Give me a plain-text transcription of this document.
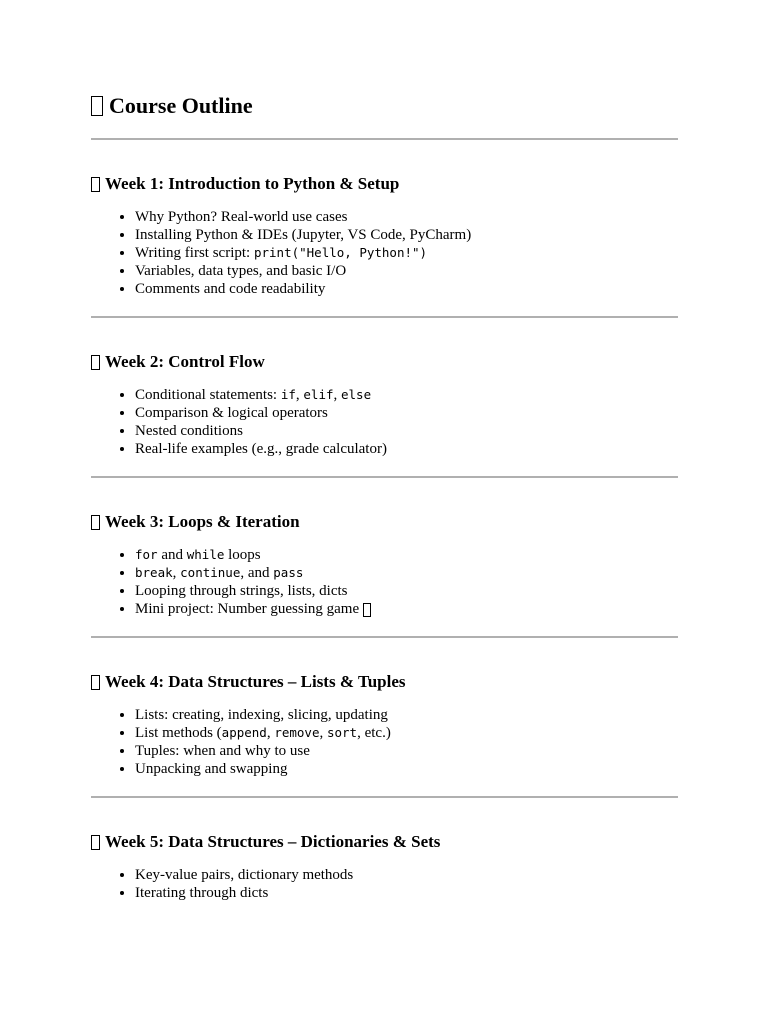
Course Outline
Week 1: Introduction to Python & Setup
• Why Python? Real-world use cases
• Installing Python & IDEs (Jupyter, VS Code, PyCharm)
• Writing first script: print("Hello, Python!")
• Variables, data types, and basic I/O
• Comments and code readability
Week 2: Control Flow
• Conditional statements: if, elif, else
• Comparison & logical operators
• Nested conditions
• Real-life examples (e.g., grade calculator)
Week 3: Loops & Iteration
• for and while loops
• break, continue, and pass
• Looping through strings, lists, dicts
• Mini project: Number guessing game
Week 4: Data Structures – Lists & Tuples
• Lists: creating, indexing, slicing, updating
• List methods (append, remove, sort, etc.)
• Tuples: when and why to use
• Unpacking and swapping
Week 5: Data Structures – Dictionaries & Sets
• Key-value pairs, dictionary methods
• Iterating through dicts
